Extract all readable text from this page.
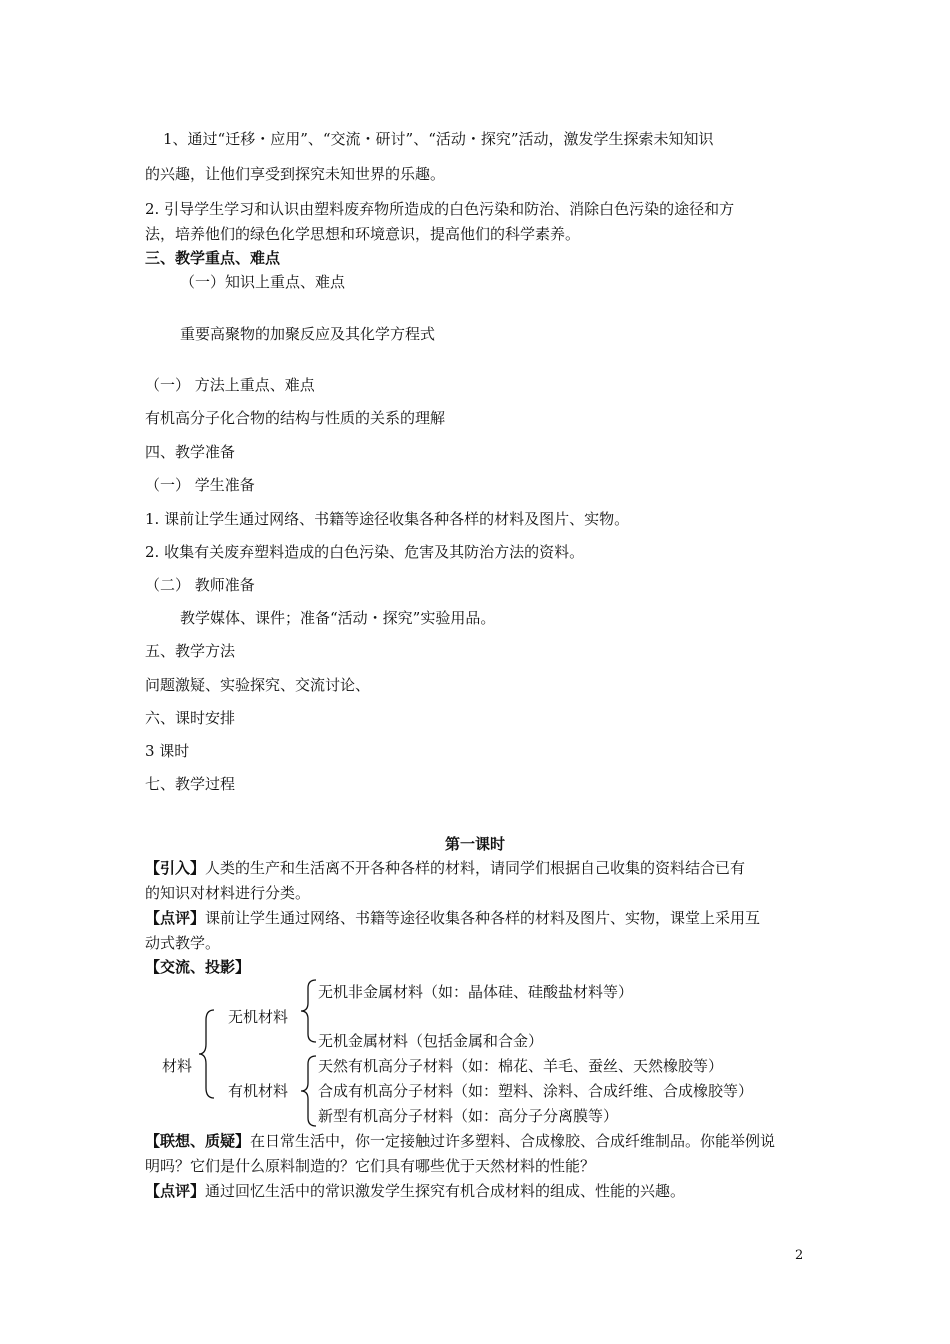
1、通过“迁移・应用”、“交流・研讨”、“活动・探究”活动，激发学生探索未知知识
的兴趣，让他们享受到探究未知世界的乐趣。
2. 引导学生学习和认识由塑料废弃物所造成的白色污染和防治、消除白色污染的途径和方
法，培养他们的绿色化学思想和环境意识，提高他们的科学素养。
三、教学重点、难点
（一）知识上重点、难点
重要高聚物的加聚反应及其化学方程式
（一） 方法上重点、难点
有机高分子化合物的结构与性质的关系的理解
四、教学准备
（一） 学生准备
1. 课前让学生通过网络、书籍等途径收集各种各样的材料及图片、实物。
2. 收集有关废弃塑料造成的白色污染、危害及其防治方法的资料。
（二） 教师准备
教学媒体、课件；准备“活动・探究”实验用品。
五、教学方法
问题激疑、实验探究、交流讨论、
六、课时安排
3 课时
七、教学过程
第一课时
【引入】人类的生产和生活离不开各种各样的材料，请同学们根据自己收集的资料结合已有
的知识对材料进行分类。
【点评】课前让学生通过网络、书籍等途径收集各种各样的材料及图片、实物，课堂上采用互
动式教学。
【交流、投影】
材料
无机材料
有机材料
无机非金属材料（如：晶体硅、硅酸盐材料等）
无机金属材料（包括金属和合金）
天然有机高分子材料（如：棉花、羊毛、蚕丝、天然橡胶等）
合成有机高分子材料（如：塑料、涂料、合成纤维、合成橡胶等）
新型有机高分子材料（如：高分子分离膜等）
【联想、质疑】在日常生活中，你一定接触过许多塑料、合成橡胶、合成纤维制品。你能举例说
明吗？它们是什么原料制造的？它们具有哪些优于天然材料的性能？
【点评】通过回忆生活中的常识激发学生探究有机合成材料的组成、性能的兴趣。
2
